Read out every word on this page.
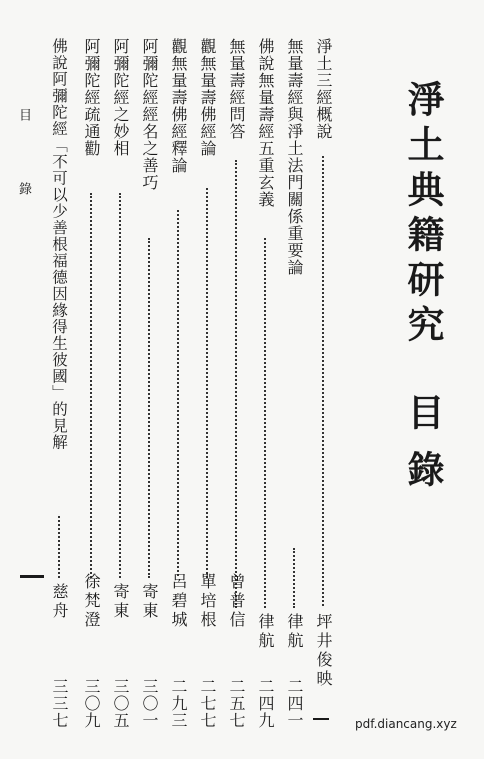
淨土典籍研究
目錄
淨土三經概說
坪井俊映
無量壽經與淨土法門關係重要論
律航
二四一
佛說無量壽經五重玄義
律航
二四九
無量壽經問答
曾普信
二五七
觀無量壽佛經論
單培根
二七七
觀無量壽佛經釋論
呂碧城
二九三
阿彌陀經經名之善巧
寄東
三〇一
阿彌陀經之妙相
寄東
三〇五
阿彌陀經疏通勸
徐梵澄
三〇九
佛說阿彌陀經「不可以少善根福德因緣得生彼國」的見解
慈舟
三三七
目
錄
pdf.diancang.xyz
